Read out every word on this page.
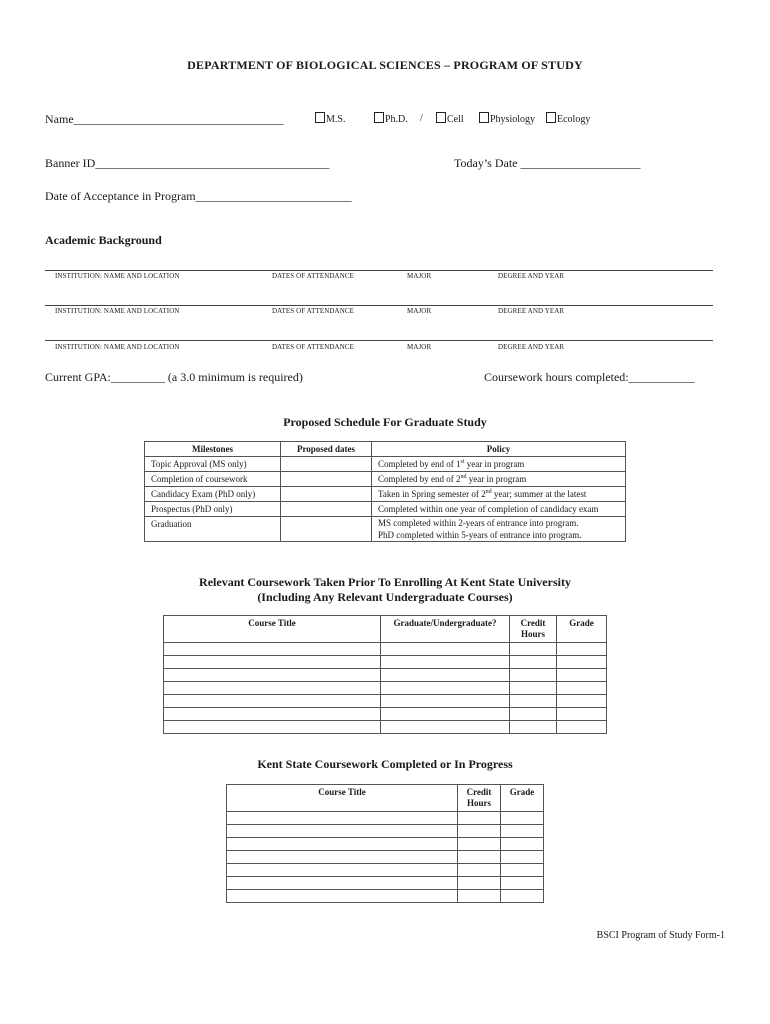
DEPARTMENT OF BIOLOGICAL SCIENCES – PROGRAM OF STUDY
Name___________________________________	M.S.	Ph.D. /	Cell	Physiology	Ecology
Banner ID_______________________________________	Today’s Date ____________________
Date of Acceptance in Program__________________________
Academic Background
INSTITUTION: NAME AND LOCATION	DATES OF ATTENDANCE	MAJOR	DEGREE AND YEAR
INSTITUTION: NAME AND LOCATION	DATES OF ATTENDANCE	MAJOR	DEGREE AND YEAR
INSTITUTION: NAME AND LOCATION	DATES OF ATTENDANCE	MAJOR	DEGREE AND YEAR
Current GPA:_________ (a 3.0 minimum is required)	Coursework hours completed:___________
Proposed Schedule For Graduate Study
Milestones	Proposed dates	Policy
Topic Approval (MS only)		Completed by end of 1st year in program
Completion of coursework		Completed by end of 2nd year in program
Candidacy Exam (PhD only)		Taken in Spring semester of 2nd year; summer at the latest
Prospectus (PhD only)		Completed within one year of completion of candidacy exam
Graduation		MS completed within 2-years of entrance into program.
PhD completed within 5-years of entrance into program.
Relevant Coursework Taken Prior To Enrolling At Kent State University
(Including Any Relevant Undergraduate Courses)
Course Title	Graduate/Undergraduate?	Credit Hours	Grade

Kent State Coursework Completed or In Progress
Course Title	Credit Hours	Grade

BSCI Program of Study Form-1
